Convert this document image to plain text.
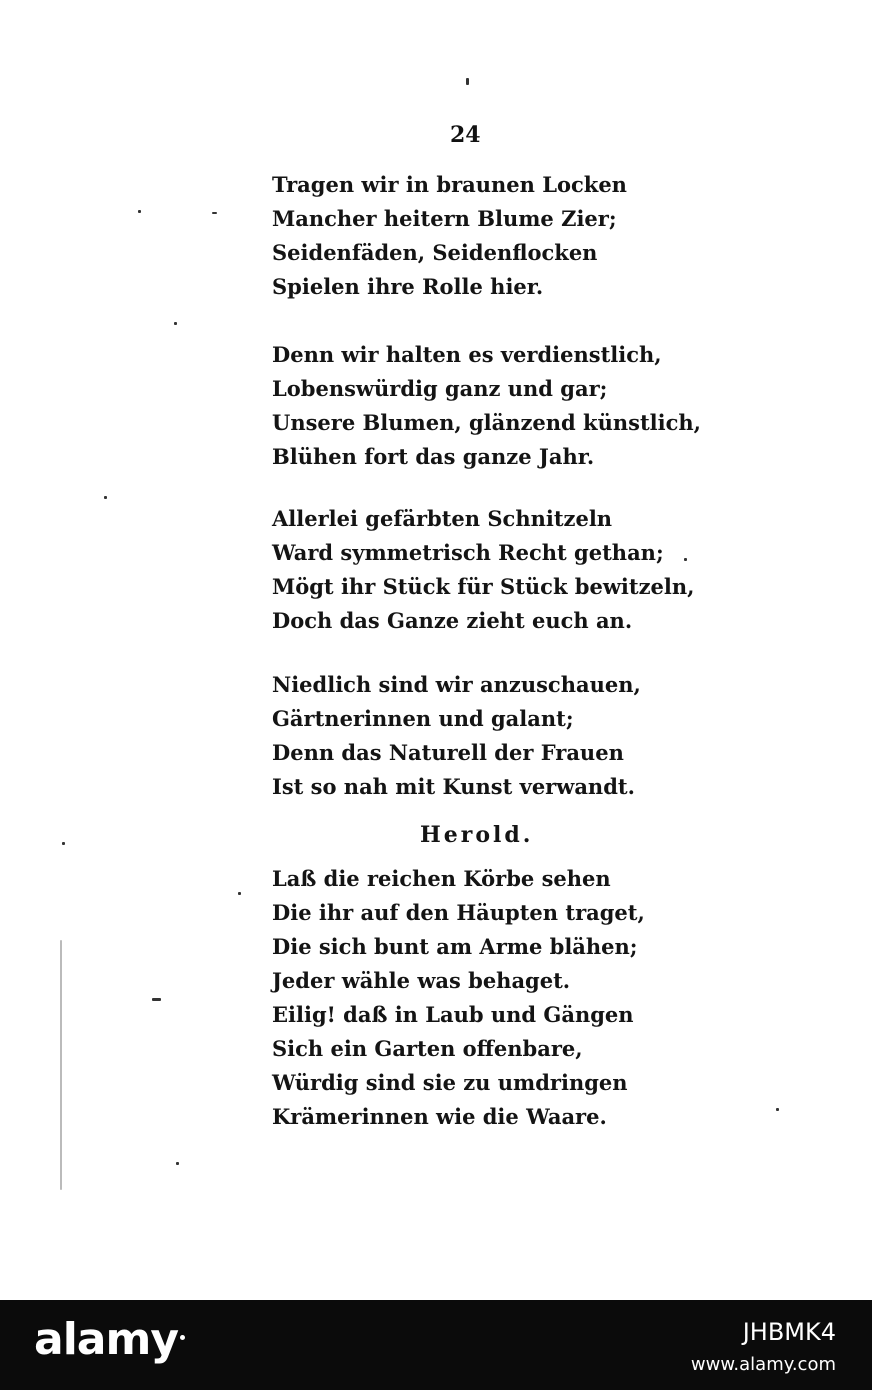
24
Tragen wir in braunen Locken
Mancher heitern Blume Zier;
Seidenfäden, Seidenflocken
Spielen ihre Rolle hier.
Denn wir halten es verdienstlich,
Lobenswürdig ganz und gar;
Unsere Blumen, glänzend künstlich,
Blühen fort das ganze Jahr.
Allerlei gefärbten Schnitzeln
Ward symmetrisch Recht gethan;
Mögt ihr Stück für Stück bewitzeln,
Doch das Ganze zieht euch an.
Niedlich sind wir anzuschauen,
Gärtnerinnen und galant;
Denn das Naturell der Frauen
Ist so nah mit Kunst verwandt.
Herold.
Laß die reichen Körbe sehen
Die ihr auf den Häupten traget,
Die sich bunt am Arme blähen;
Jeder wähle was behaget.
Eilig! daß in Laub und Gängen
Sich ein Garten offenbare,
Würdig sind sie zu umdringen
Krämerinnen wie die Waare.
alamy	JHBMK4
www.alamy.com
